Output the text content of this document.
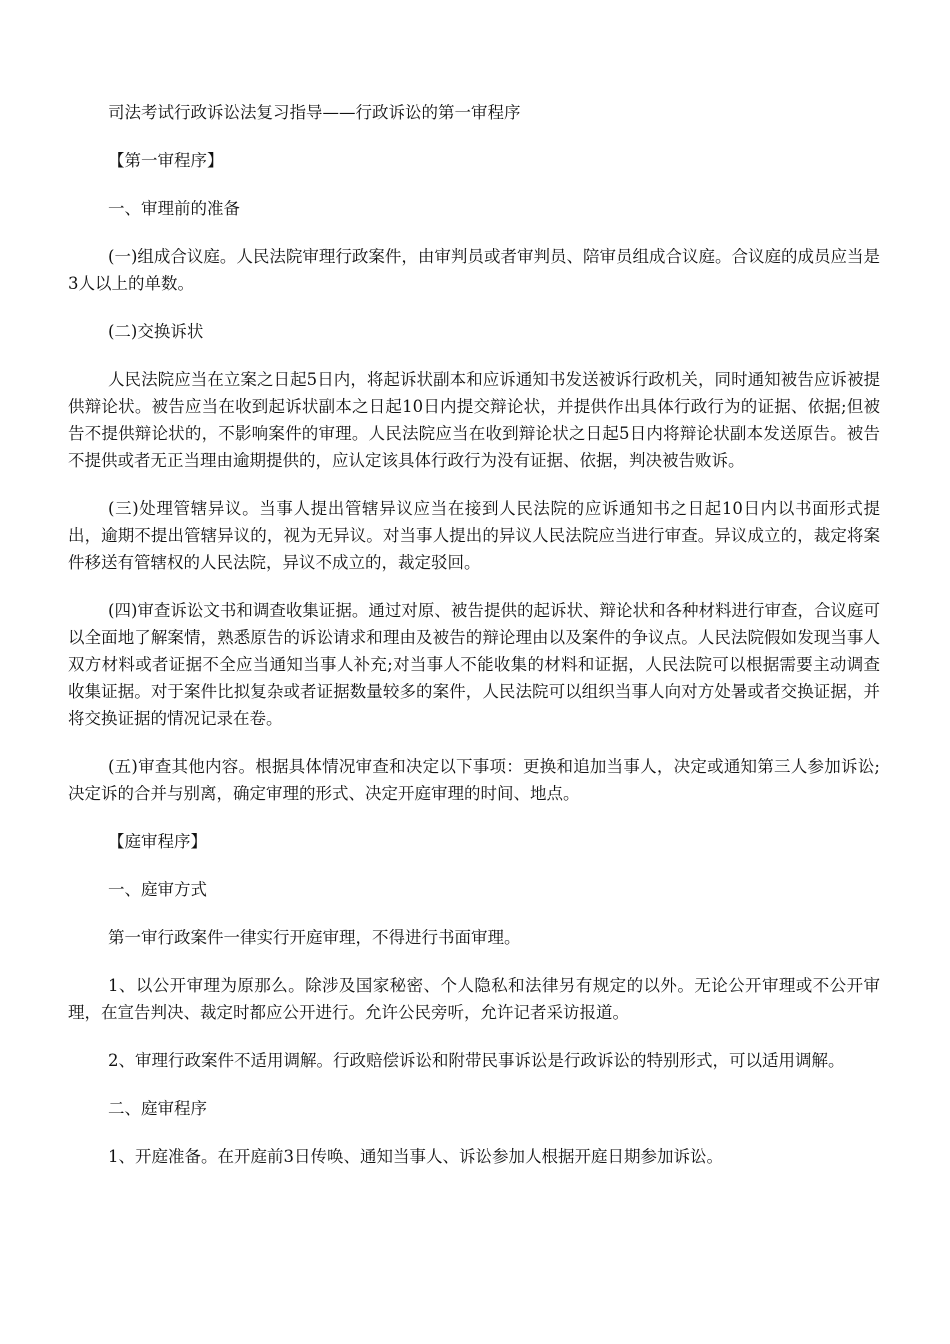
司法考试行政诉讼法复习指导——行政诉讼的第一审程序

【第一审程序】

一、审理前的准备

(一)组成合议庭。人民法院审理行政案件，由审判员或者审判员、陪审员组成合议庭。合议庭的成员应当是3人以上的单数。

(二)交换诉状

人民法院应当在立案之日起5日内，将起诉状副本和应诉通知书发送被诉行政机关，同时通知被告应诉被提供辩论状。被告应当在收到起诉状副本之日起10日内提交辩论状，并提供作出具体行政行为的证据、依据;但被告不提供辩论状的，不影响案件的审理。人民法院应当在收到辩论状之日起5日内将辩论状副本发送原告。被告不提供或者无正当理由逾期提供的，应认定该具体行政行为没有证据、依据，判决被告败诉。

(三)处理管辖异议。当事人提出管辖异议应当在接到人民法院的应诉通知书之日起10日内以书面形式提出，逾期不提出管辖异议的，视为无异议。对当事人提出的异议人民法院应当进行审查。异议成立的，裁定将案件移送有管辖权的人民法院，异议不成立的，裁定驳回。

(四)审查诉讼文书和调查收集证据。通过对原、被告提供的起诉状、辩论状和各种材料进行审查，合议庭可以全面地了解案情，熟悉原告的诉讼请求和理由及被告的辩论理由以及案件的争议点。人民法院假如发现当事人双方材料或者证据不全应当通知当事人补充;对当事人不能收集的材料和证据，人民法院可以根据需要主动调查收集证据。对于案件比拟复杂或者证据数量较多的案件，人民法院可以组织当事人向对方处暑或者交换证据，并将交换证据的情况记录在卷。

(五)审查其他内容。根据具体情况审查和决定以下事项：更换和追加当事人，决定或通知第三人参加诉讼;决定诉的合并与别离，确定审理的形式、决定开庭审理的时间、地点。

【庭审程序】

一、庭审方式

第一审行政案件一律实行开庭审理，不得进行书面审理。

1、以公开审理为原那么。除涉及国家秘密、个人隐私和法律另有规定的以外。无论公开审理或不公开审理，在宣告判决、裁定时都应公开进行。允许公民旁听，允许记者采访报道。

2、审理行政案件不适用调解。行政赔偿诉讼和附带民事诉讼是行政诉讼的特别形式，可以适用调解。

二、庭审程序

1、开庭准备。在开庭前3日传唤、通知当事人、诉讼参加人根据开庭日期参加诉讼。
